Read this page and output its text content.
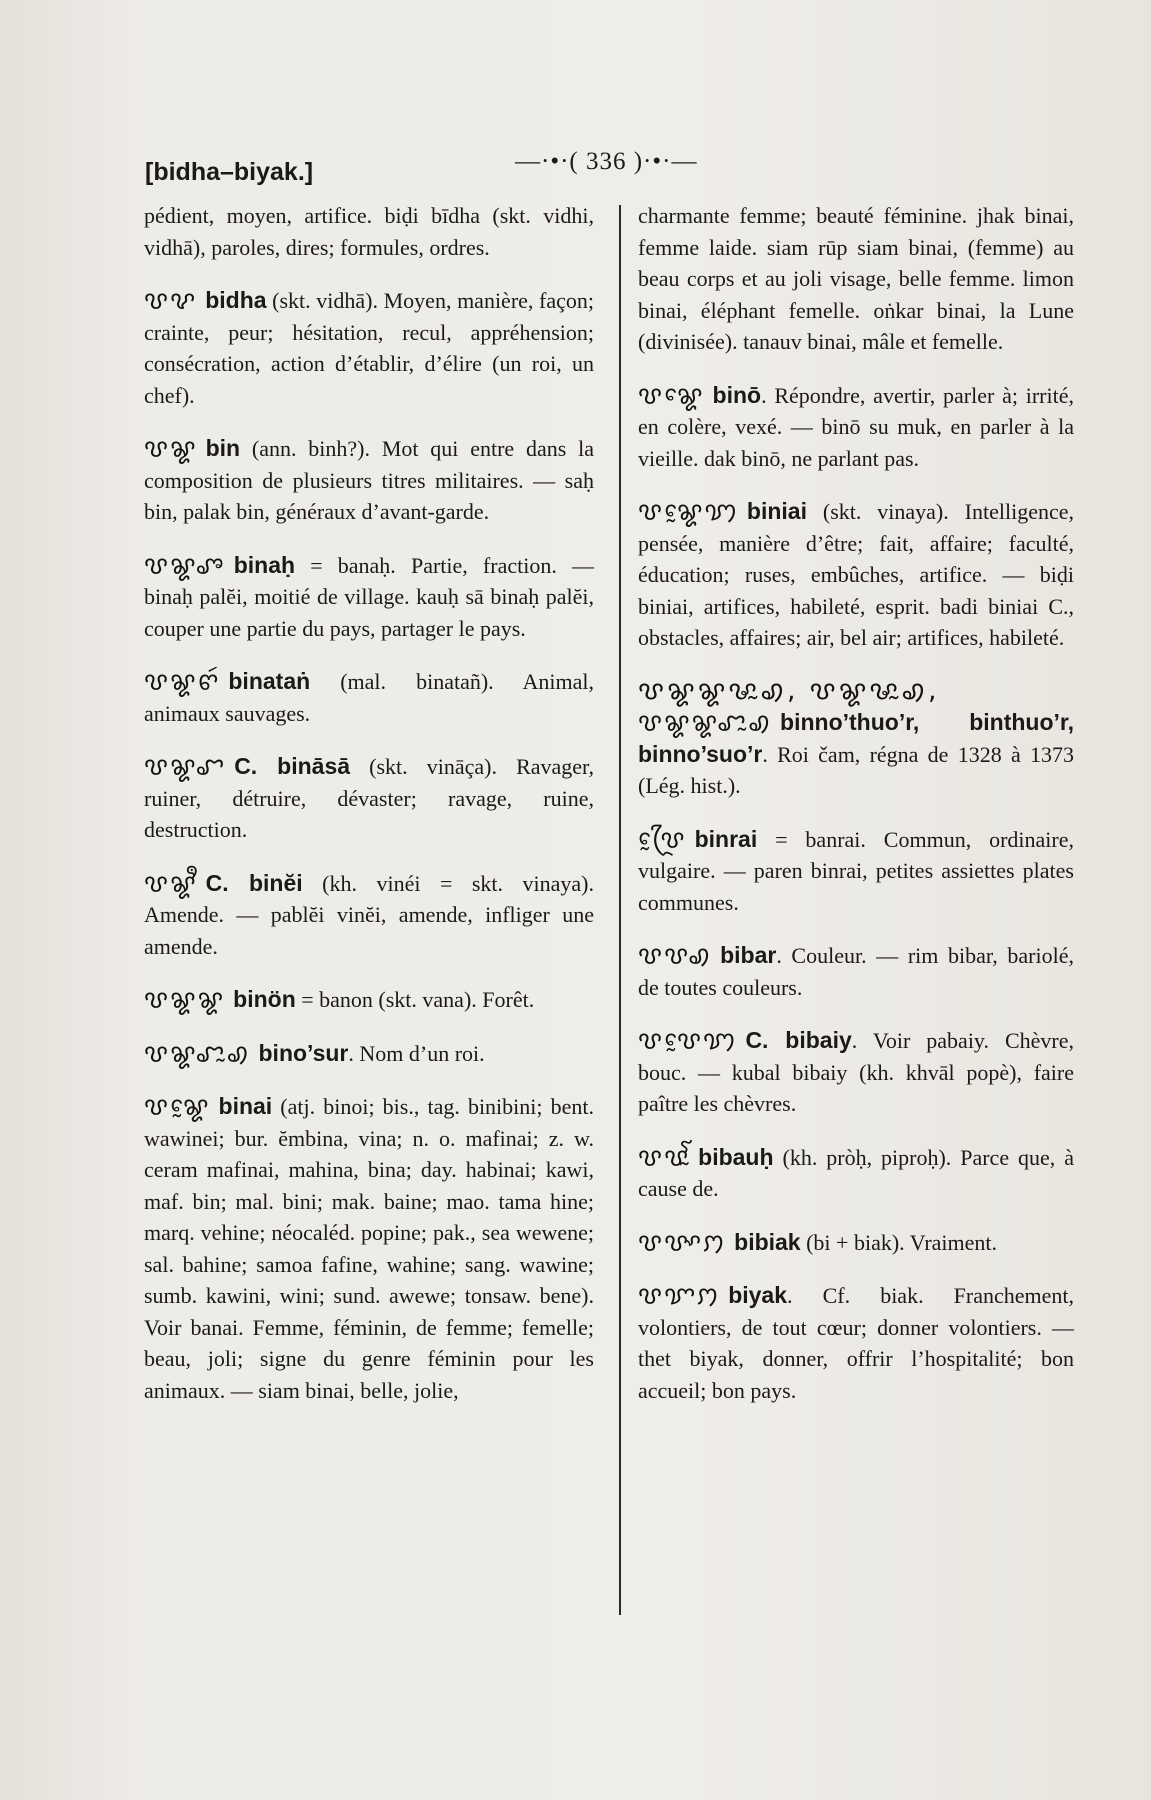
[bidha–biyak.]	—·•·( 336 )·•·—

pédient, moyen, artifice. biḍi bīdha (skt. vidhi, vidhā), paroles, dires; formules, ordres.

ꨝꨖ bidha (skt. vidhā). Moyen, manière, façon; crainte, peur; hésitation, recul, appréhension; consécration, action d’établir, d’élire (un roi, un chef).

ꨝꨘ bin (ann. binh?). Mot qui entre dans la composition de plusieurs titres militaires. — saḥ bin, palak bin, généraux d’avant-garde.

ꨝꨘꨨ binaḥ = banaḥ. Partie, fraction. — binaḥ palĕi, moitié de village. kauḥ sā binaḥ palĕi, couper une partie du pays, partager le pays.

ꨝꨘꨓꩃ binataṅ (mal. binatañ). Animal, animaux sauvages.

ꨝꨘꨧ C. bināsā (skt. vināça). Ravager, ruiner, détruire, dévaster; ravage, ruine, destruction.

ꨝꨘꨫ C. binĕi (kh. vinéi = skt. vinaya). Amende. — pablĕi vinĕi, amende, infliger une amende.

ꨝꨘꨘ binön = banon (skt. vana). Forêt.

ꨝꨘꨧꨭꩉ bino’sur. Nom d’un roi.

ꨝꨘꨰ binai (atj. binoi; bis., tag. binibini; bent. wawinei; bur. ĕmbina, vina; n. o. mafinai; z. w. ceram mafinai, mahina, bina; day. habinai; kawi, maf. bin; mal. bini; mak. baine; mao. tama hine; marq. vehine; néocaléd. popine; pak., sea wewene; sal. bahine; samoa fafine, wahine; sang. wawine; sumb. kawini, wini; sund. awewe; tonsaw. bene). Voir banai. Femme, féminin, de femme; femelle; beau, joli; signe du genre féminin pour les animaux. — siam binai, belle, jolie,

charmante femme; beauté féminine. jhak binai, femme laide. siam rūp siam binai, (femme) au beau corps et au joli visage, belle femme. limon binai, éléphant femelle. oṅkar binai, la Lune (divinisée). tanauv binai, mâle et femelle.

ꨝꨘꨯ binō. Répondre, avertir, parler à; irrité, en colère, vexé. — binō su muk, en parler à la vieille. dak binō, ne parlant pas.

ꨝꨘꨰꩈ biniai (skt. vinaya). Intelligence, pensée, manière d’être; fait, affaire; faculté, éducation; ruses, embûches, artifice. — biḍi biniai, artifices, habileté, esprit. badi biniai C., obstacles, affaires; air, bel air; artifices, habileté.

ꨝꨘꨘꨔꨭꩉ, ꨝꨘꨔꨭꩉ,
ꨝꨘꨘꨧꨭꩉ binno’thuo’r, binthuo’r, binno’suo’r. Roi čam, régna de 1328 à 1373 (Lég. hist.).

ꨝꨴꨰ binrai = banrai. Commun, ordinaire, vulgaire. — paren binrai, petites assiettes plates communes.

ꨝꨝꩉ bibar. Couleur. — rim bibar, bariolé, de toutes couleurs.

ꨝꨝꨰꩈ C. bibaiy. Voir pabaiy. Chèvre, bouc. — kubal bibaiy (kh. khvāl popè), faire paître les chèvres.

ꨝꨝꨱꨭ bibauḥ (kh. pròḥ, piproḥ). Parce que, à cause de.

ꨝꨝꨳꩀ bibiak (bi + biak). Vraiment.

ꨝꨢꩀ biyak. Cf. biak. Franchement, volontiers, de tout cœur; donner volontiers. — thet biyak, donner, offrir l’hospitalité; bon accueil; bon pays.
